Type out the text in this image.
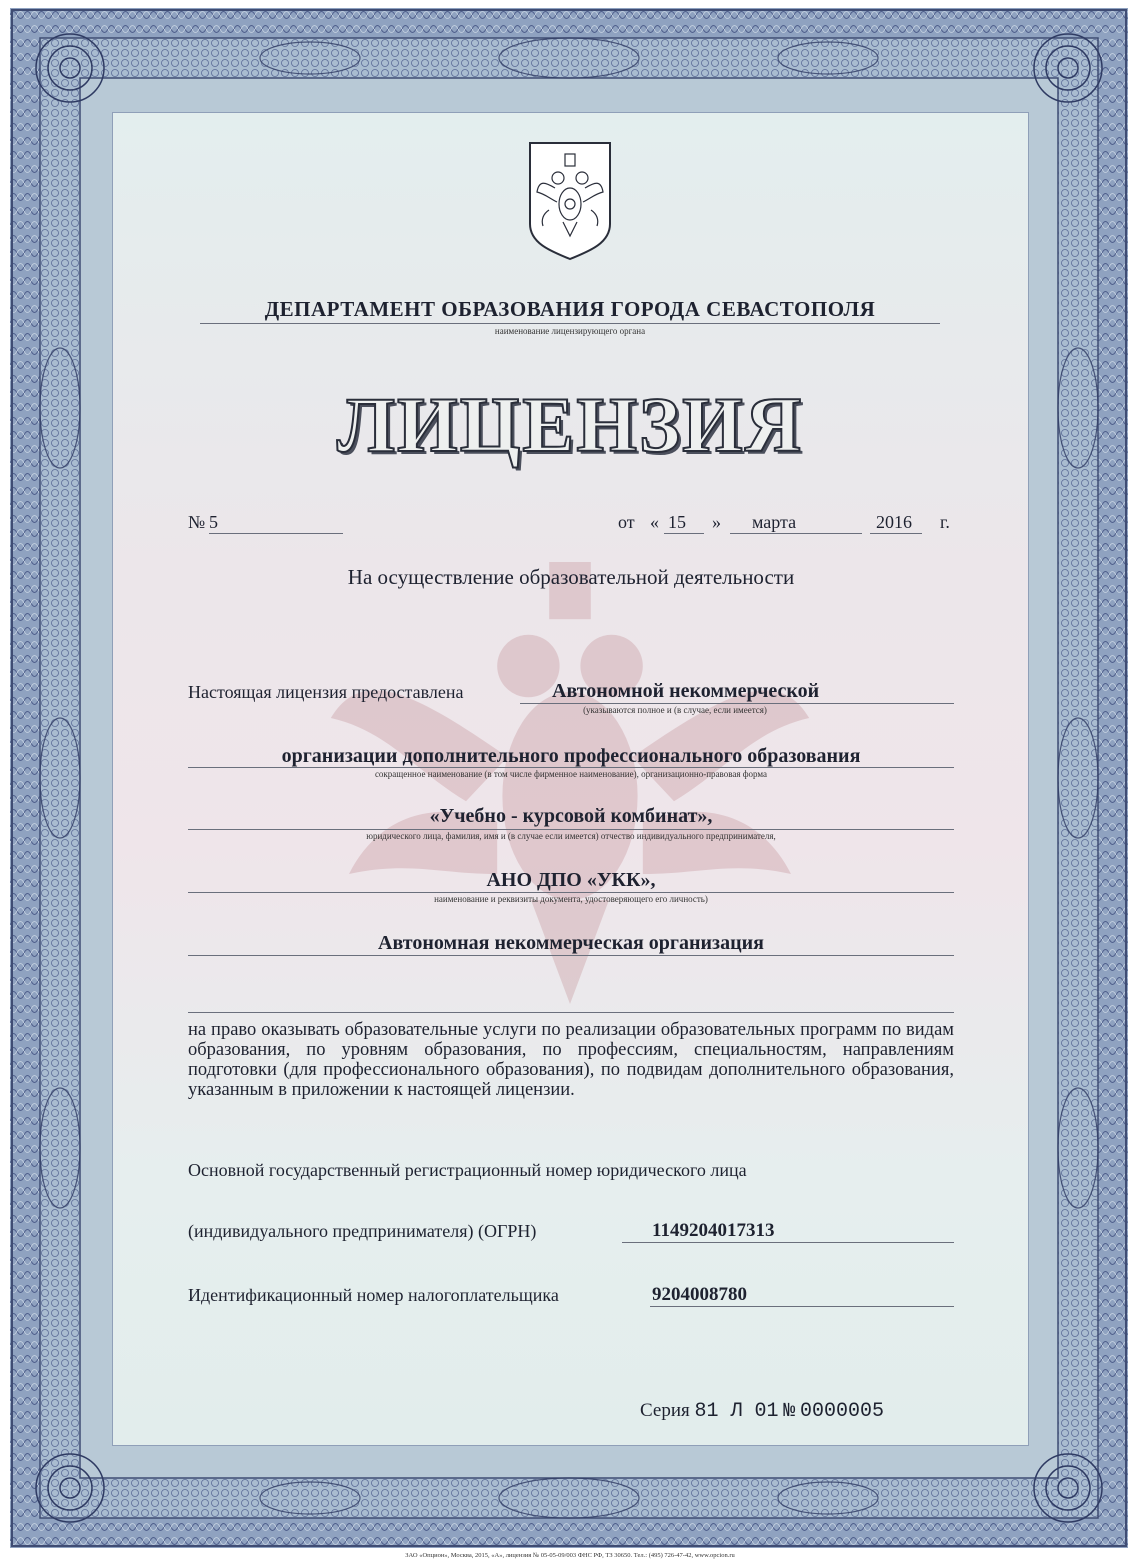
ДЕПАРТАМЕНТ ОБРАЗОВАНИЯ ГОРОДА СЕВАСТОПОЛЯ
наименование лицензирующего органа
ЛИЦЕНЗИЯ
№ 5	от « 15 » марта	2016 г.
На осуществление образовательной деятельности
Настоящая лицензия предоставлена	Автономной некоммерческой
(указываются полное и (в случае, если имеется)
организации дополнительного профессионального образования
сокращенное наименование (в том числе фирменное наименование), организационно-правовая форма
«Учебно - курсовой комбинат»,
юридического лица, фамилия, имя и (в случае если имеется) отчество индивидуального предпринимателя,
АНО ДПО «УКК»,
наименование и реквизиты документа, удостоверяющего его личность)
Автономная некоммерческая организация
на право оказывать образовательные услуги по реализации образовательных программ по видам образования, по уровням образования, по профессиям, специальностям, направлениям подготовки (для профессионального образования), по подвидам дополнительного образования, указанным в приложении к настоящей лицензии.
Основной государственный регистрационный номер юридического лица
(индивидуального предпринимателя) (ОГРН)	1149204017313
Идентификационный номер налогоплательщика	9204008780
Серия 81 Л 01 № 0000005
ЗАО «Опцион», Москва, 2015, «А», лицензия № 05-05-09/003 ФНС РФ, ТЗ 30650. Тел.: (495) 726-47-42, www.opcion.ru
